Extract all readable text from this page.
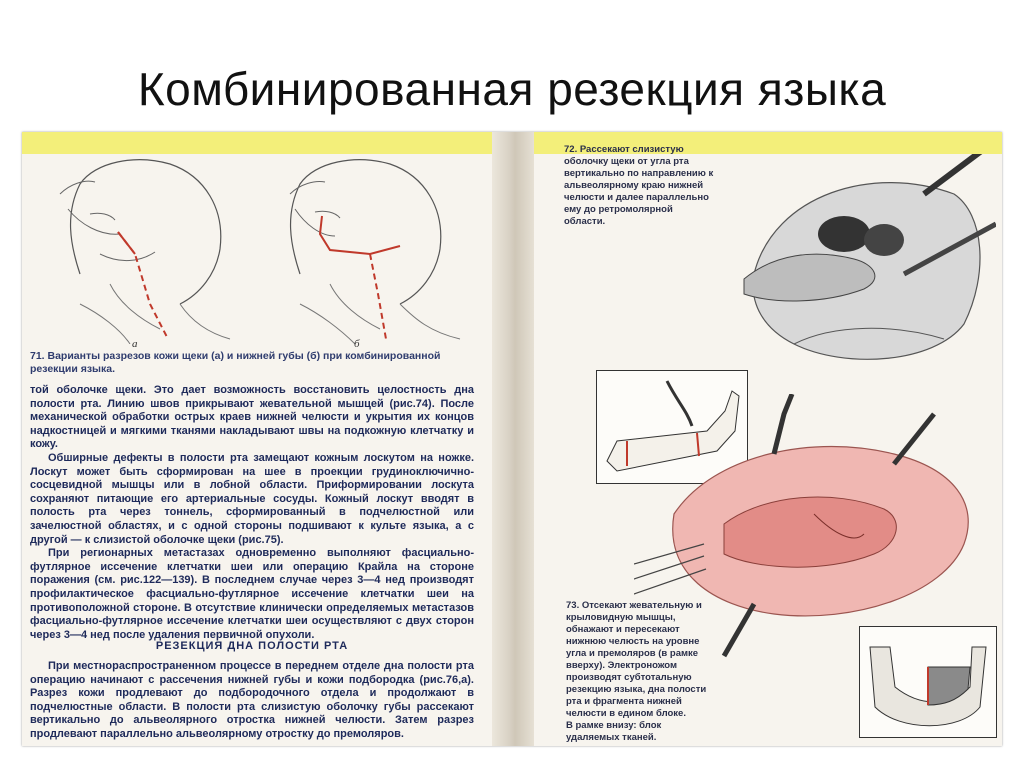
Комбинированная резекция языка
а	б
71. Варианты разрезов кожи щеки (а) и нижней губы (б) при комбинированной резекции языка.

той оболочке щеки. Это дает возможность восстановить целостность дна полости рта. Линию швов прикрывают жевательной мышцей (рис.74). После механической обработки острых краев нижней челюсти и укрытия их концов надкостницей и мягкими тканями накладывают швы на подкожную клетчатку и кожу.

Обширные дефекты в полости рта замещают кожным лоскутом на ножке. Лоскут может быть сформирован на шее в проекции грудиноключично-сосцевидной мышцы или в лобной области. Приформировании лоскута сохраняют питающие его артериальные сосуды. Кожный лоскут вводят в полость рта через тоннель, сформированный в подчелюстной или зачелюстной областях, и с одной стороны подшивают к культе языка, а с другой — к слизистой оболочке щеки (рис.75).

При регионарных метастазах одновременно выполняют фасциально-футлярное иссечение клетчатки шеи или операцию Крайла на стороне поражения (см. рис.122—139). В последнем случае через 3—4 нед производят профилактическое фасциально-футлярное иссечение клетчатки шеи на противоположной стороне. В отсутствие клинически определяемых метастазов фасциально-футлярное иссечение клетчатки шеи осуществляют с двух сторон через 3—4 нед после удаления первичной опухоли.

РЕЗЕКЦИЯ ДНА ПОЛОСТИ РТА

При местнораспространенном процессе в переднем отделе дна полости рта операцию начинают с рассечения нижней губы и кожи подбородка (рис.76,а). Разрез кожи продлевают до подбородочного отдела и продолжают в подчелюстные области. В полости рта слизистую оболочку губы рассекают вертикально до альвеолярного отростка нижней челюсти. Затем разрез продлевают параллельно альвеолярному отростку до премоляров.

72. Рассекают слизистую оболочку щеки от угла рта вертикально по направлению к альвеолярному краю нижней челюсти и далее параллельно ему до ретромолярной области.

73. Отсекают жевательную и крыловидную мышцы, обнажают и пересекают нижнюю челюсть на уровне угла и премоляров (в рамке вверху). Электроножом производят субтотальную резекцию языка, дна полости рта и фрагмента нижней челюсти в едином блоке.

В рамке внизу: блок удаляемых тканей.
